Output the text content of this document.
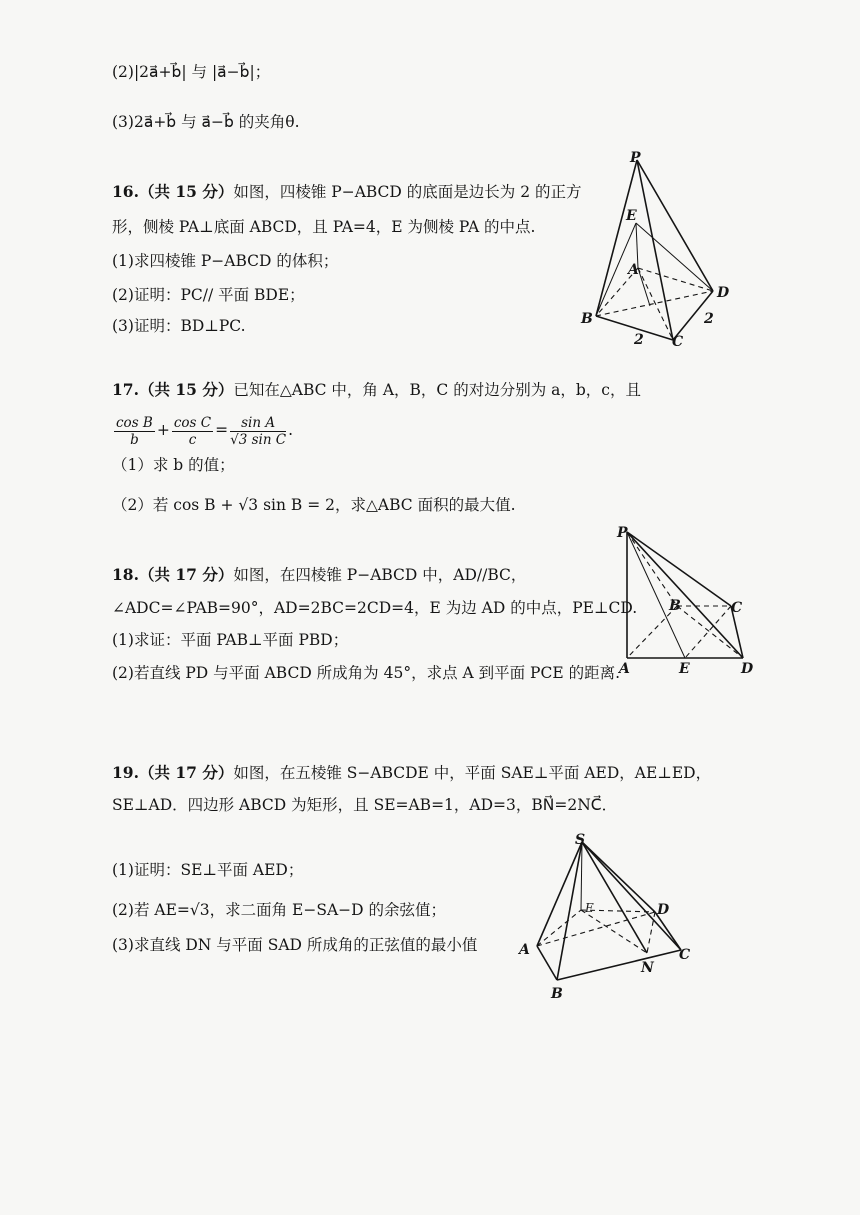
(2)|2a⃗+b⃗| 与 |a⃗−b⃗|；
(3)2a⃗+b⃗ 与 a⃗−b⃗ 的夹角θ.
16.（共 15 分）如图，四棱锥 P−ABCD 的底面是边长为 2 的正方
形，侧棱 PA⊥底面 ABCD，且 PA=4，E 为侧棱 PA 的中点.
(1)求四棱锥 P−ABCD 的体积；
(2)证明：PC// 平面 BDE；
(3)证明：BD⊥PC.
P
E
A
D
B
C
2
2
17.（共 15 分）已知在△ABC 中，角 A，B，C 的对边分别为 a，b，c，且
$\frac{\text{cos B}}{b} + \frac{\text{cos C}}{c} = \frac{\text{sin A}}{\text{√3 sin C}}$ .
（1）求 b 的值；
（2）若 cos B + √3 sin B = 2，求△ABC 面积的最大值.
18.（共 17 分）如图，在四棱锥 P−ABCD 中，AD//BC，
∠ADC=∠PAB=90°，AD=2BC=2CD=4，E 为边 AD 的中点，PE⊥CD.
(1)求证：平面 PAB⊥平面 PBD；
(2)若直线 PD 与平面 ABCD 所成角为 45°，求点 A 到平面 PCE 的距离.
P
B	C
A	E	D
19.（共 17 分）如图，在五棱锥 S−ABCDE 中，平面 SAE⊥平面 AED，AE⊥ED，
SE⊥AD．四边形 ABCD 为矩形，且 SE=AB=1，AD=3，BN⃗=2NC⃗．
(1)证明：SE⊥平面 AED；
(2)若 AE=√3，求二面角 E−SA−D 的余弦值；
(3)求直线 DN 与平面 SAD 所成角的正弦值的最小值
S
E	D
A
N
C
B
